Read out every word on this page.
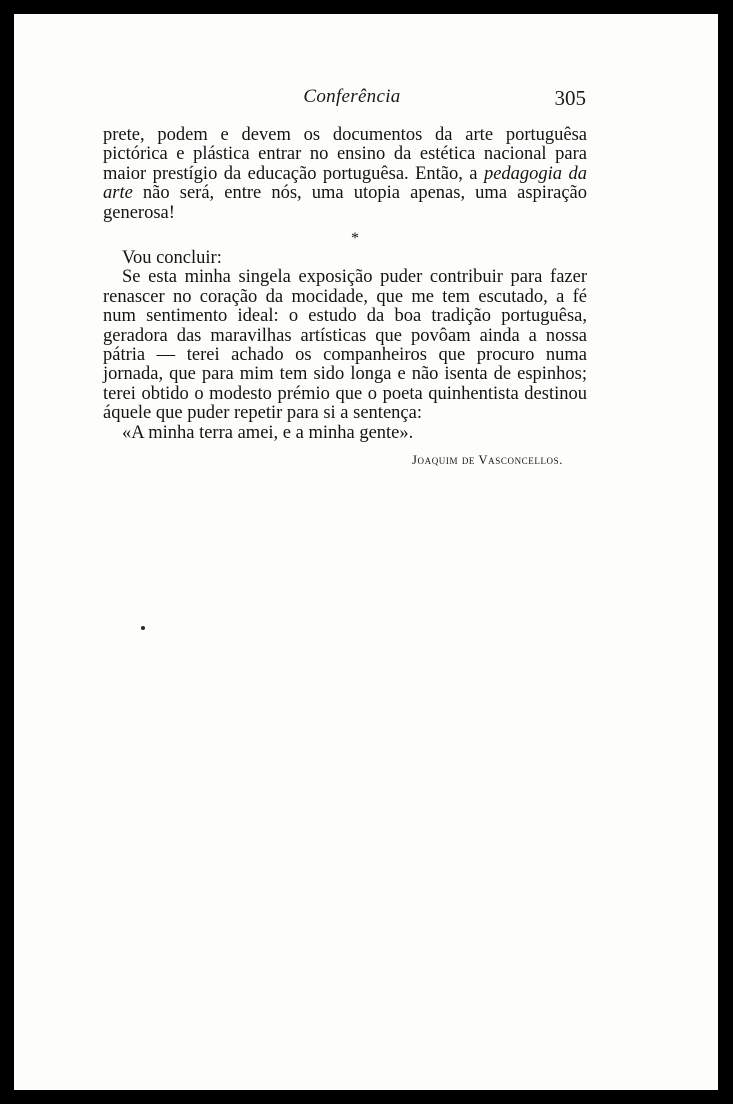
Conferência	305

prete, podem e devem os documentos da arte portuguêsa pictórica e plástica entrar no ensino da estética nacional para maior prestígio da educação portuguêsa. Então, a pedagogia da arte não será, entre nós, uma utopia apenas, uma aspiração generosa!

*

Vou concluir:

Se esta minha singela exposição puder contribuir para fazer renascer no coração da mocidade, que me tem escutado, a fé num sentimento ideal: o estudo da boa tradição portuguêsa, geradora das maravilhas artísticas que povôam ainda a nossa pátria — terei achado os companheiros que procuro numa jornada, que para mim tem sido longa e não isenta de espinhos; terei obtido o modesto prémio que o poeta quinhentista destinou áquele que puder repetir para si a sentença:

«A minha terra amei, e a minha gente».

Joaquim de Vasconcellos.
